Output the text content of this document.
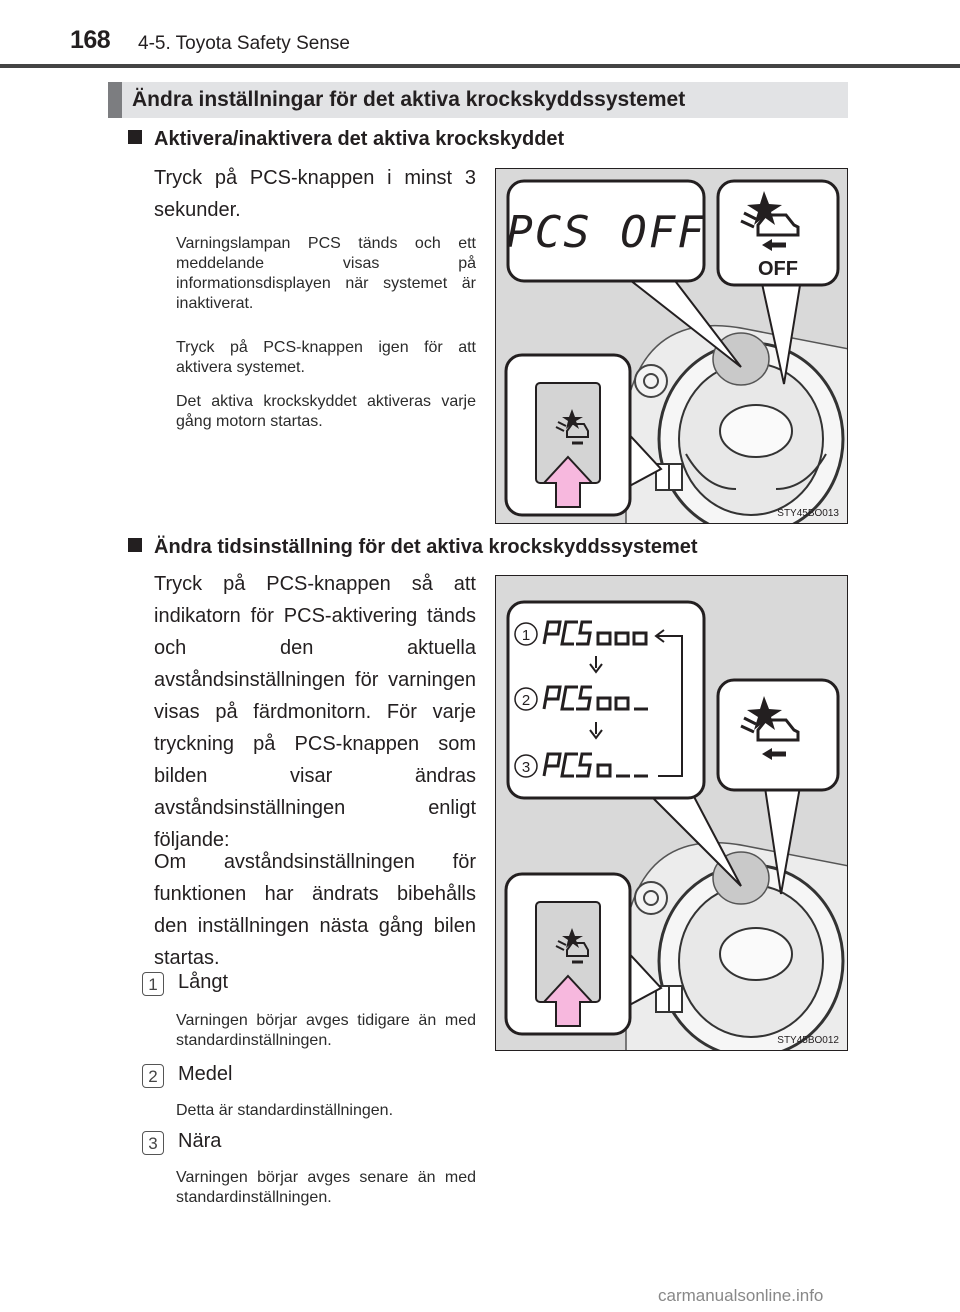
168 4-5. Toyota Safety Sense
Ändra inställningar för det aktiva krockskyddssystemet
Aktivera/inaktivera det aktiva krockskyddet
Tryck på PCS-knappen i minst 3 sekunder.
Varningslampan PCS tänds och ett meddelande visas på informationsdisplayen när systemet är inaktiverat.
Tryck på PCS-knappen igen för att aktivera systemet.
Det aktiva krockskyddet aktiveras varje gång motorn startas.
PCS OFF
OFF
STY45BO013
Ändra tidsinställning för det aktiva krockskyddssystemet
Tryck på PCS-knappen så att indikatorn för PCS-aktivering tänds och den aktuella avståndsinställningen för varningen visas på färdmonitorn. För varje tryckning på PCS-knappen som bilden visar ändras avståndsinställningen enligt följande:
Om avståndsinställningen för funktionen har ändrats bibehålls den inställningen nästa gång bilen startas.
1	Långt
Varningen börjar avges tidigare än med standardinställningen.
2	Medel
Detta är standardinställningen.
3	Nära
Varningen börjar avges senare än med standardinställningen.
1
2
3
STY45BO012
carmanualsonline.info
